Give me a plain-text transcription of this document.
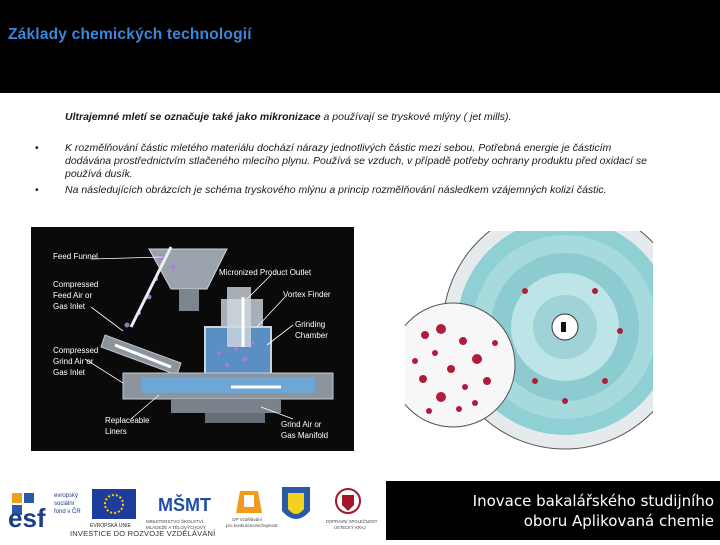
Základy chemických technologií
Ultrajemné mletí se označuje také jako mikronizace a používají se tryskové mlýny ( jet mills).
•	K rozmělňování částic mletého materiálu dochází nárazy jednotlivých částic mezi sebou. Potřebná energie je částicím dodávána prostřednictvím stlačeného mlecího plynu. Používá se vzduch, v případě potřeby ochrany produktu před oxidací se používá dusík.
•	Na následujících obrázcích je schéma tryskového mlýnu a princip rozmělňování následkem vzájemných kolizí částic.
Feed Funnel
Compressed
Feed Air or
Gas Inlet
Compressed
Grind Air or
Gas Inlet
Micronized Product Outlet
Vortex Finder
Grinding
Chamber
Replaceable
Liners
Grind Air or
Gas Manifold
esf
evropský
sociální
fond v ČR
EVROPSKÁ UNIE
MŠMT
MINISTERSTVO ŠKOLSTVÍ,
MLÁDEŽE A TĚLOVÝCHOVY
OP Vzdělávání
pro konkurenceschopnost
DOPRAVNÍ SPOLEČNOST
ÚSTECKÝ KRAJ
INVESTICE DO ROZVOJE VZDĚLÁVÁNÍ
Inovace bakalářského studijního
oboru Aplikovaná chemie
